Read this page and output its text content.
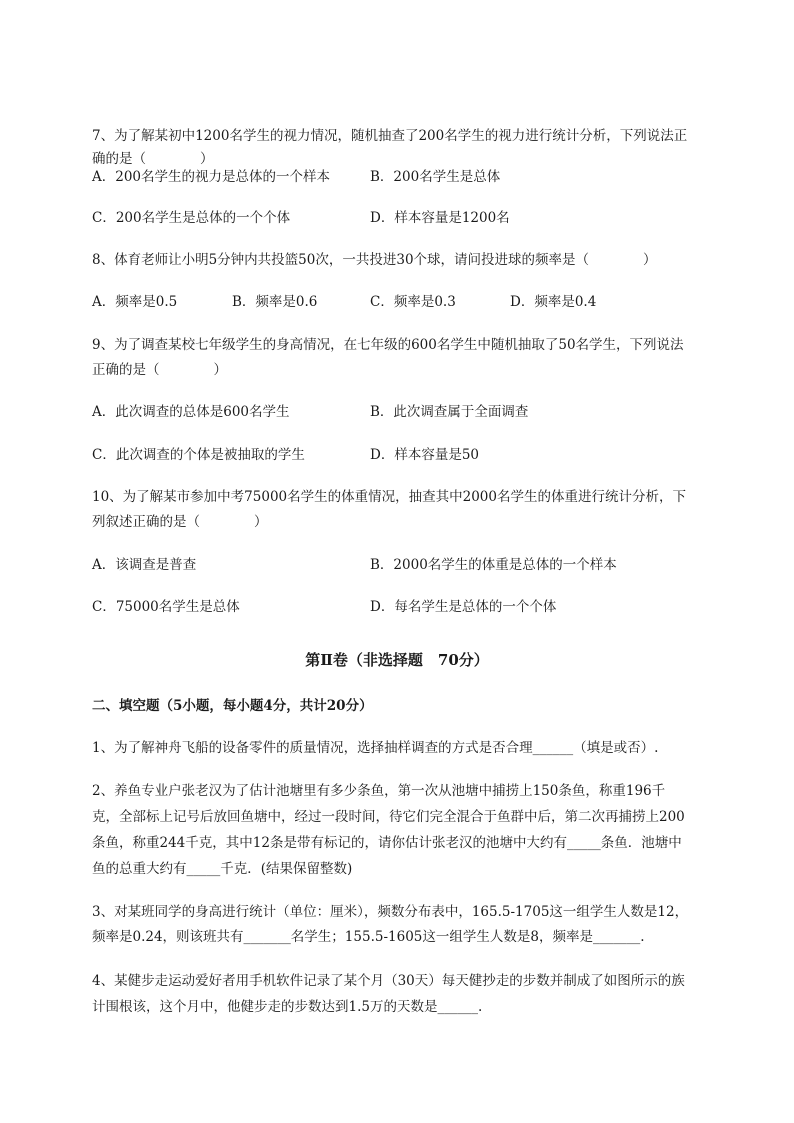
7、为了解某初中1200名学生的视力情况，随机抽查了200名学生的视力进行统计分析，下列说法正
确的是（　　　　）
A．200名学生的视力是总体的一个样本	B．200名学生是总体
C．200名学生是总体的一个个体	D．样本容量是1200名
8、体育老师让小明5分钟内共投篮50次，一共投进30个球，请问投进球的频率是（　　　　）
A．频率是0.5	B．频率是0.6	C．频率是0.3	D．频率是0.4
9、为了调查某校七年级学生的身高情况，在七年级的600名学生中随机抽取了50名学生，下列说法
正确的是（　　　　）
A．此次调查的总体是600名学生	B．此次调查属于全面调查
C．此次调查的个体是被抽取的学生	D．样本容量是50
10、为了解某市参加中考75000名学生的体重情况，抽查其中2000名学生的体重进行统计分析，下
列叙述正确的是（　　　　）
A．该调查是普查	B．2000名学生的体重是总体的一个样本
C．75000名学生是总体	D．每名学生是总体的一个个体
第Ⅱ卷（非选择题　70分）
二、填空题（5小题，每小题4分，共计20分）
1、为了解神舟飞船的设备零件的质量情况，选择抽样调查的方式是否合理______（填是或否）.
2、养鱼专业户张老汉为了估计池塘里有多少条鱼，第一次从池塘中捕捞上150条鱼，称重196千
克，全部标上记号后放回鱼塘中，经过一段时间，待它们完全混合于鱼群中后，第二次再捕捞上200
条鱼，称重244千克，其中12条是带有标记的，请你估计张老汉的池塘中大约有_____条鱼．池塘中
鱼的总重大约有_____千克．(结果保留整数)
3、对某班同学的身高进行统计（单位：厘米），频数分布表中，165.5-1705这一组学生人数是12，
频率是0.24，则该班共有_______名学生；155.5-1605这一组学生人数是8，频率是_______.
4、某健步走运动爱好者用手机软件记录了某个月（30天）每天健抄走的步数并制成了如图所示的族
计围根该，这个月中，他健步走的步数达到1.5万的天数是______.
